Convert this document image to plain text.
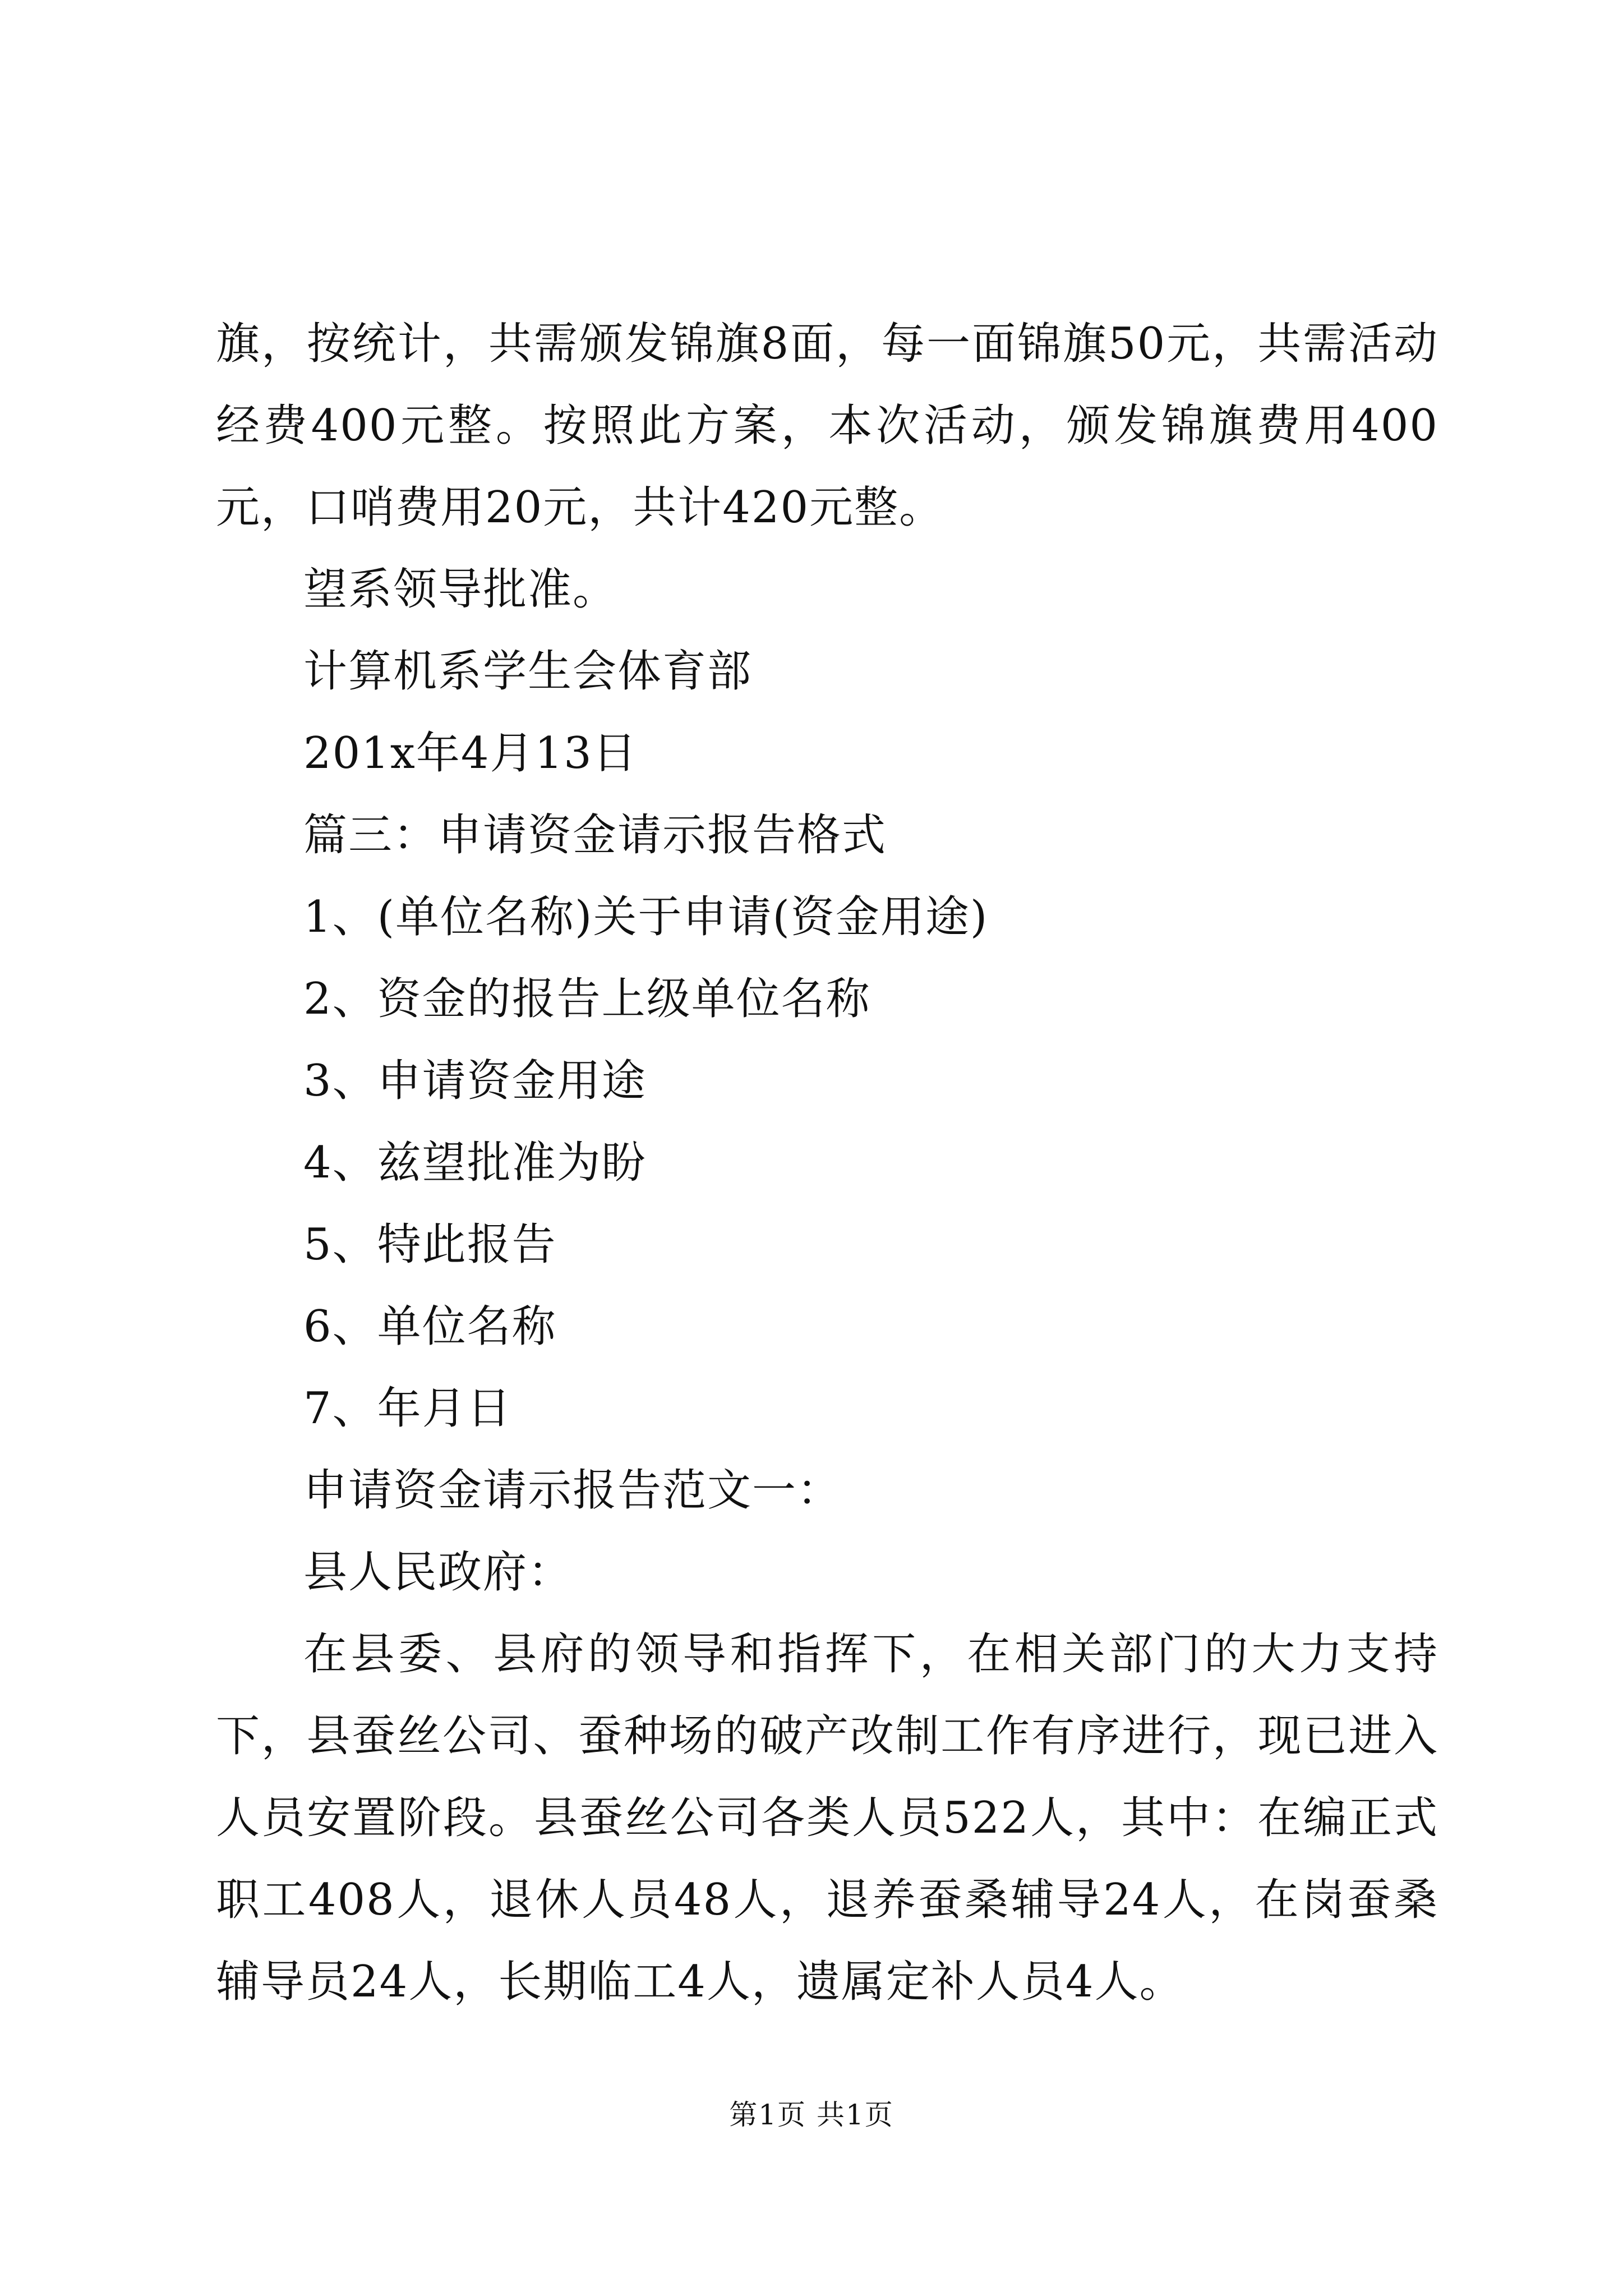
旗，按统计，共需颁发锦旗8面，每一面锦旗50元，共需活动经费400元整。按照此方案，本次活动，颁发锦旗费用400元，口哨费用20元，共计420元整。

望系领导批准。

计算机系学生会体育部

201x年4月13日

篇三：申请资金请示报告格式

1、(单位名称)关于申请(资金用途)

2、资金的报告上级单位名称

3、申请资金用途

4、兹望批准为盼

5、特此报告

6、单位名称

7、年月日

申请资金请示报告范文一：

县人民政府：

在县委、县府的领导和指挥下，在相关部门的大力支持下，县蚕丝公司、蚕种场的破产改制工作有序进行，现已进入人员安置阶段。县蚕丝公司各类人员522人，其中：在编正式职工408人，退休人员48人，退养蚕桑辅导24人，在岗蚕桑辅导员24人，长期临工4人，遗属定补人员4人。

第1页 共1页
